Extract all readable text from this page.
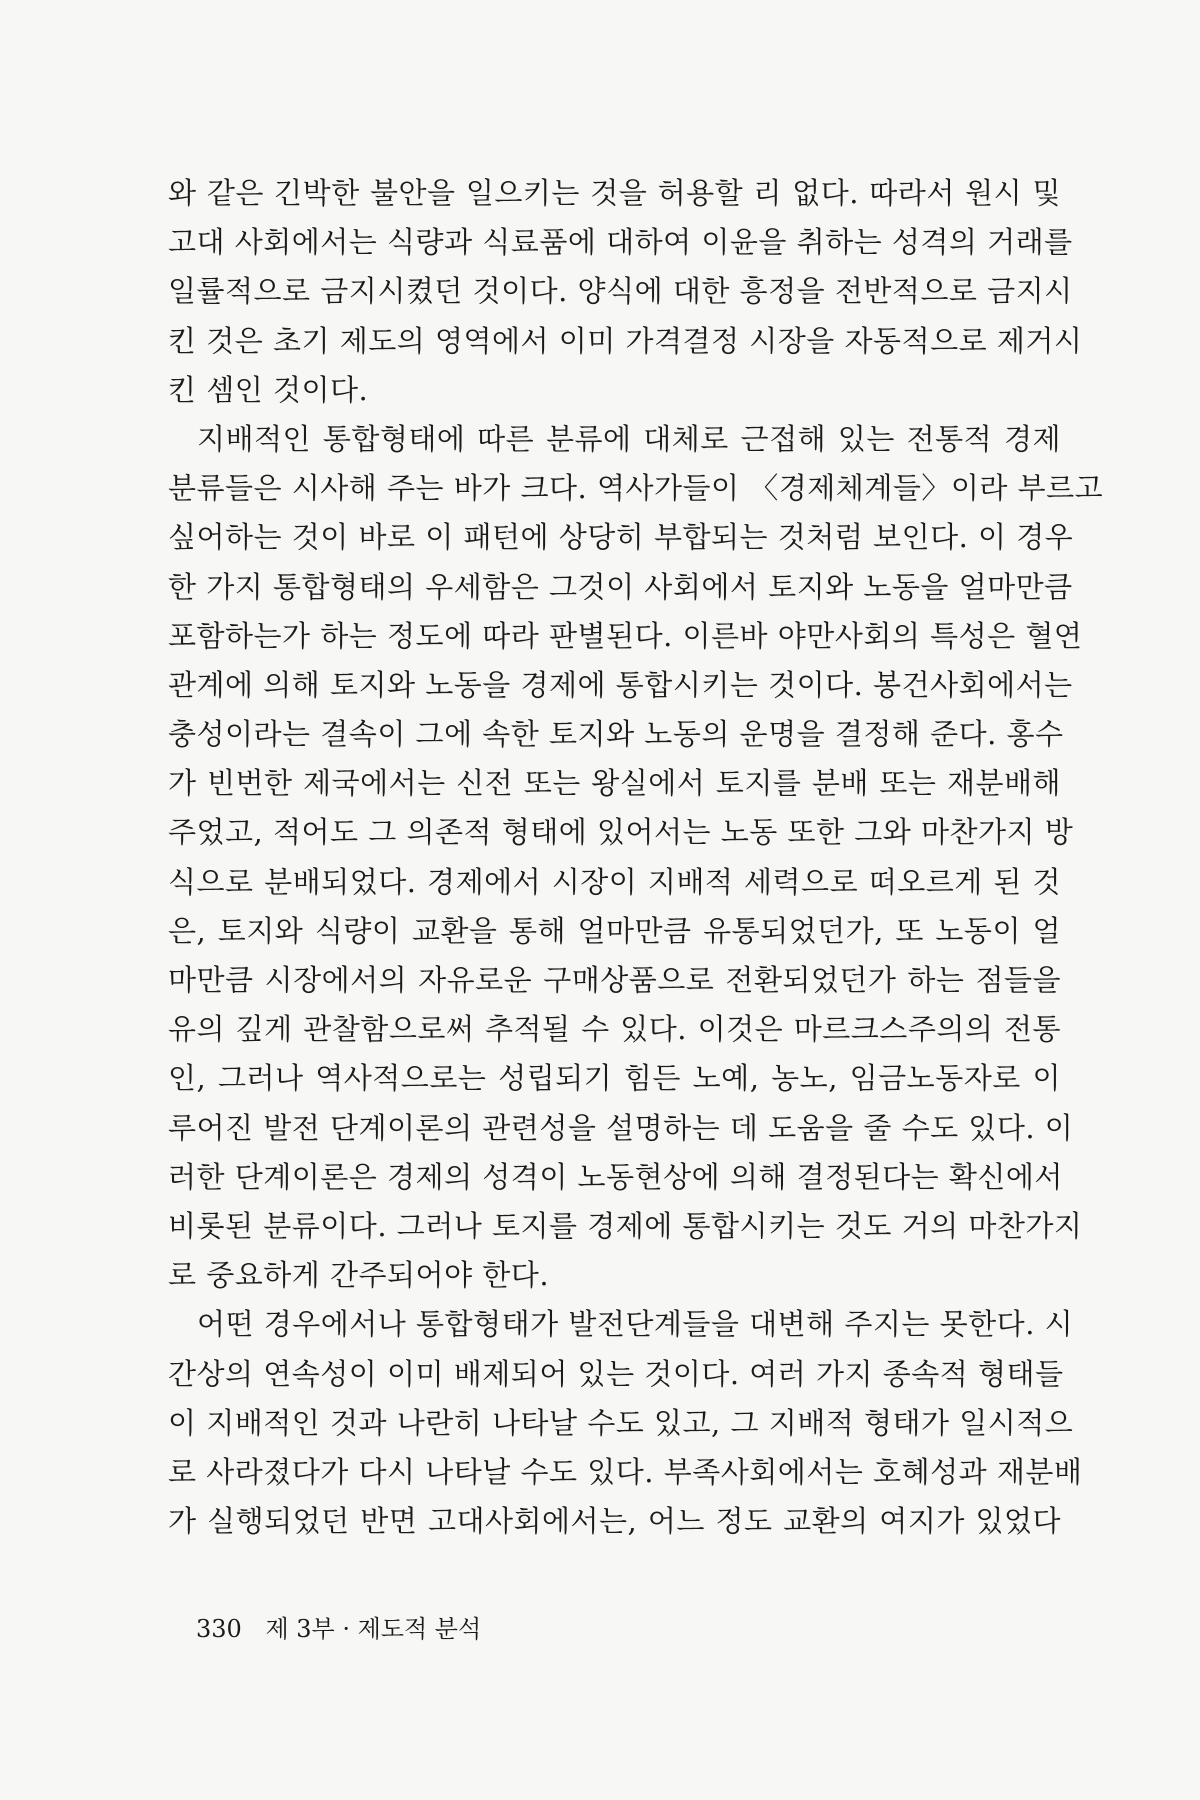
와 같은 긴박한 불안을 일으키는 것을 허용할 리 없다. 따라서 원시 및
고대 사회에서는 식량과 식료품에 대하여 이윤을 취하는 성격의 거래를
일률적으로 금지시켰던 것이다. 양식에 대한 흥정을 전반적으로 금지시
킨 것은 초기 제도의 영역에서 이미 가격결정 시장을 자동적으로 제거시
킨 셈인 것이다.
지배적인 통합형태에 따른 분류에 대체로 근접해 있는 전통적 경제
분류들은 시사해 주는 바가 크다. 역사가들이 〈경제체계들〉이라 부르고
싶어하는 것이 바로 이 패턴에 상당히 부합되는 것처럼 보인다. 이 경우
한 가지 통합형태의 우세함은 그것이 사회에서 토지와 노동을 얼마만큼
포함하는가 하는 정도에 따라 판별된다. 이른바 야만사회의 특성은 혈연
관계에 의해 토지와 노동을 경제에 통합시키는 것이다. 봉건사회에서는
충성이라는 결속이 그에 속한 토지와 노동의 운명을 결정해 준다. 홍수
가 빈번한 제국에서는 신전 또는 왕실에서 토지를 분배 또는 재분배해
주었고, 적어도 그 의존적 형태에 있어서는 노동 또한 그와 마찬가지 방
식으로 분배되었다. 경제에서 시장이 지배적 세력으로 떠오르게 된 것
은, 토지와 식량이 교환을 통해 얼마만큼 유통되었던가, 또 노동이 얼
마만큼 시장에서의 자유로운 구매상품으로 전환되었던가 하는 점들을
유의 깊게 관찰함으로써 추적될 수 있다. 이것은 마르크스주의의 전통
인, 그러나 역사적으로는 성립되기 힘든 노예, 농노, 임금노동자로 이
루어진 발전 단계이론의 관련성을 설명하는 데 도움을 줄 수도 있다. 이
러한 단계이론은 경제의 성격이 노동현상에 의해 결정된다는 확신에서
비롯된 분류이다. 그러나 토지를 경제에 통합시키는 것도 거의 마찬가지
로 중요하게 간주되어야 한다.
어떤 경우에서나 통합형태가 발전단계들을 대변해 주지는 못한다. 시
간상의 연속성이 이미 배제되어 있는 것이다. 여러 가지 종속적 형태들
이 지배적인 것과 나란히 나타날 수도 있고, 그 지배적 형태가 일시적으
로 사라졌다가 다시 나타날 수도 있다. 부족사회에서는 호혜성과 재분배
가 실행되었던 반면 고대사회에서는, 어느 정도 교환의 여지가 있었다
330 제 3부 · 제도적 분석
